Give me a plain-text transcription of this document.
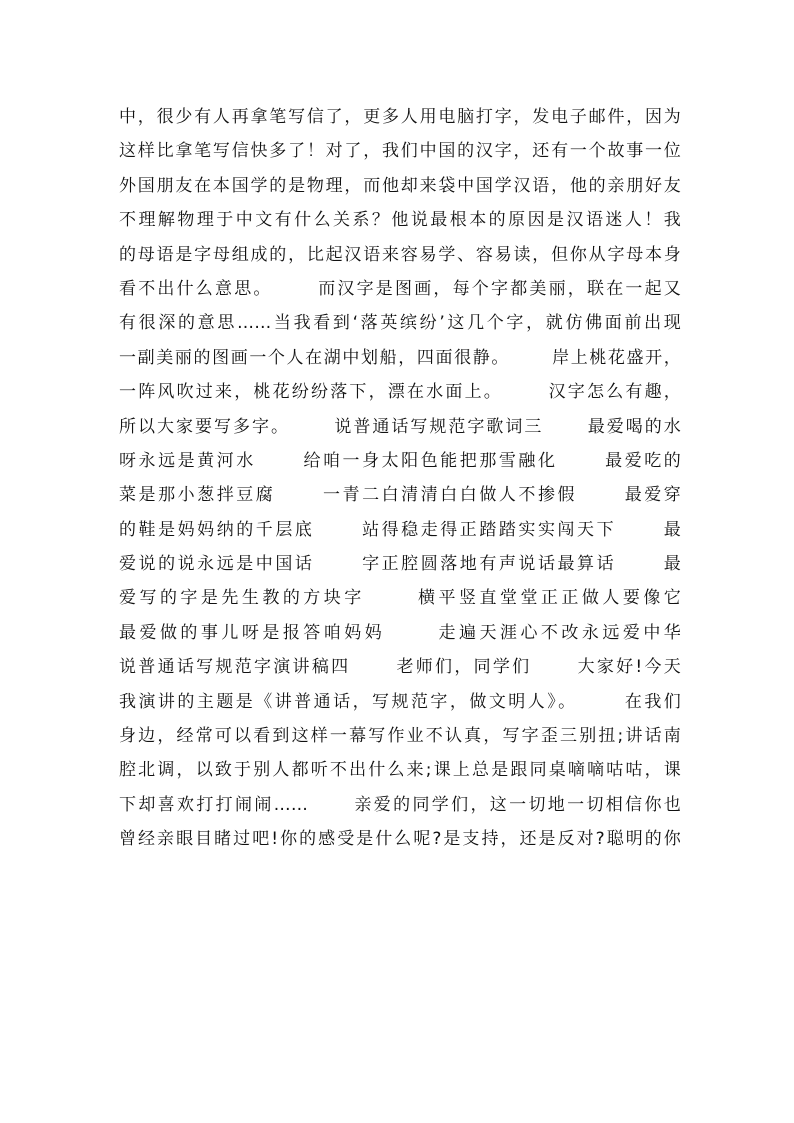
中，很少有人再拿笔写信了，更多人用电脑打字，发电子邮件，因为
这样比拿笔写信快多了！对了，我们中国的汉字，还有一个故事一位
外国朋友在本国学的是物理，而他却来袋中国学汉语，他的亲朋好友
不理解物理于中文有什么关系？他说最根本的原因是汉语迷人！我
的母语是字母组成的，比起汉语来容易学、容易读，但你从字母本身
看不出什么意思。      而汉字是图画，每个字都美丽，联在一起又
有很深的意思……当我看到‘落英缤纷’这几个字，就仿佛面前出现
一副美丽的图画一个人在湖中划船，四面很静。      岸上桃花盛开，
一阵风吹过来，桃花纷纷落下，漂在水面上。      汉字怎么有趣，
所以大家要写多字。      说普通话写规范字歌词三      最爱喝的水
呀永远是黄河水      给咱一身太阳色能把那雪融化      最爱吃的
菜是那小葱拌豆腐      一青二白清清白白做人不掺假      最爱穿
的鞋是妈妈纳的千层底      站得稳走得正踏踏实实闯天下      最
爱说的说永远是中国话      字正腔圆落地有声说话最算话      最
爱写的字是先生教的方块字      横平竖直堂堂正正做人要像它
最爱做的事儿呀是报答咱妈妈      走遍天涯心不改永远爱中华
说普通话写规范字演讲稿四      老师们，同学们      大家好!今天
我演讲的主题是《讲普通话，写规范字，做文明人》。      在我们
身边，经常可以看到这样一幕写作业不认真，写字歪三别扭;讲话南
腔北调，以致于别人都听不出什么来;课上总是跟同桌嘀嘀咕咕，课
下却喜欢打打闹闹……      亲爱的同学们，这一切地一切相信你也
曾经亲眼目睹过吧!你的感受是什么呢?是支持，还是反对?聪明的你
